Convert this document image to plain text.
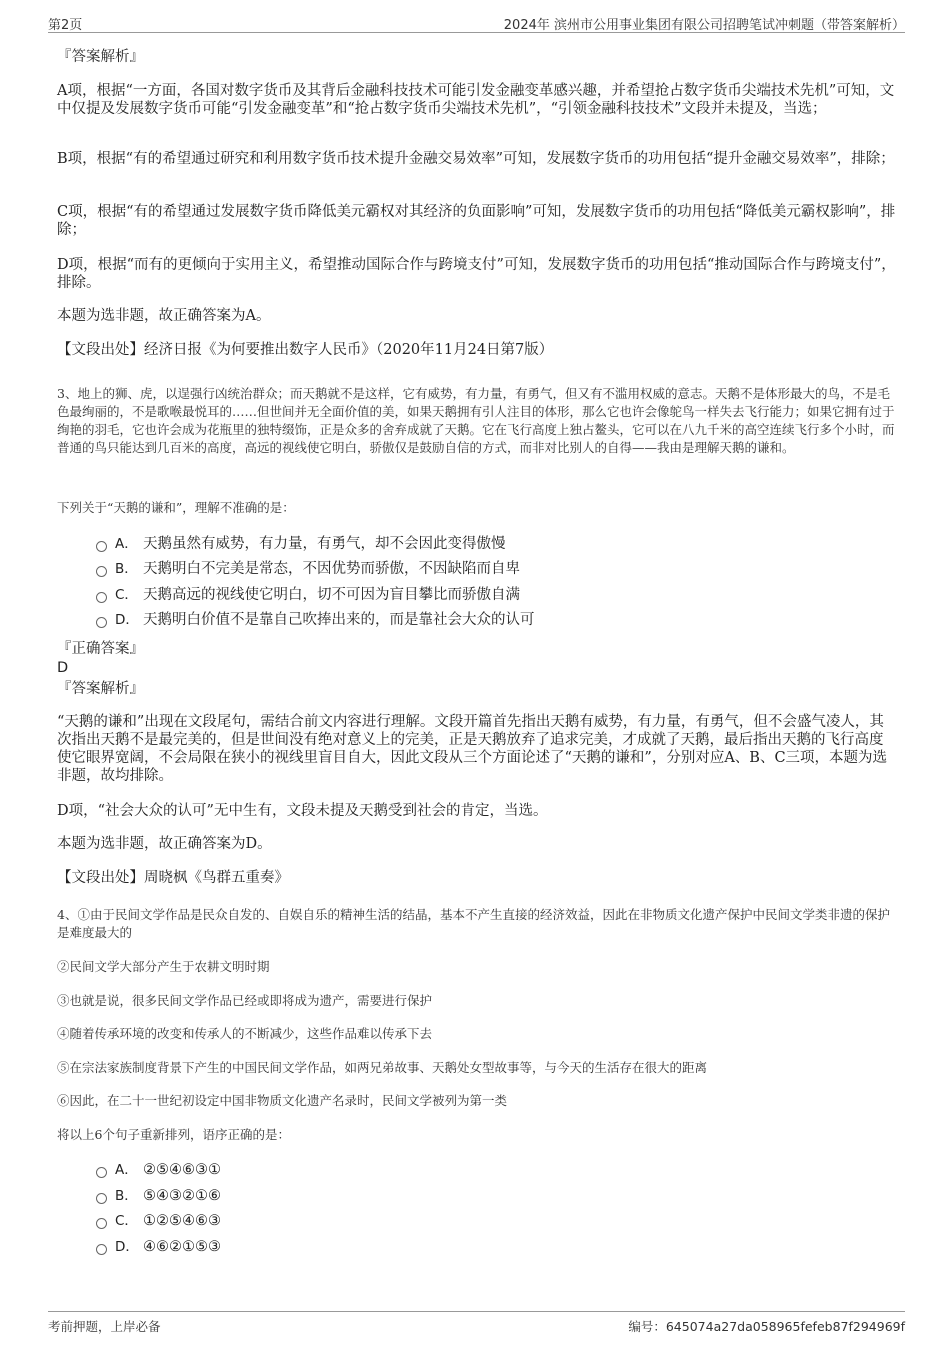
第2页	2024年 滨州市公用事业集团有限公司招聘笔试冲刺题（带答案解析）

『答案解析』

A项，根据“一方面，各国对数字货币及其背后金融科技技术可能引发金融变革感兴趣，并希望抢占数字货币尖端技术先机”可知，文中仅提及发展数字货币可能“引发金融变革”和“抢占数字货币尖端技术先机”，“引领金融科技技术”文段并未提及，当选；

B项，根据“有的希望通过研究和利用数字货币技术提升金融交易效率”可知，发展数字货币的功用包括“提升金融交易效率”，排除；

C项，根据“有的希望通过发展数字货币降低美元霸权对其经济的负面影响”可知，发展数字货币的功用包括“降低美元霸权影响”，排除；

D项，根据“而有的更倾向于实用主义，希望推动国际合作与跨境支付”可知，发展数字货币的功用包括“推动国际合作与跨境支付”，排除。

本题为选非题，故正确答案为A。

【文段出处】经济日报《为何要推出数字人民币》（2020年11月24日第7版）

3、地上的狮、虎，以逞强行凶统治群众；而天鹅就不是这样，它有威势，有力量，有勇气，但又有不滥用权威的意志。天鹅不是体形最大的鸟，不是毛色最绚丽的，不是歌喉最悦耳的……但世间并无全面价值的美，如果天鹅拥有引人注目的体形，那么它也许会像鸵鸟一样失去飞行能力；如果它拥有过于绚艳的羽毛，它也许会成为花瓶里的独特缀饰，正是众多的舍弃成就了天鹅。它在飞行高度上独占鳌头，它可以在八九千米的高空连续飞行多个小时，而普通的鸟只能达到几百米的高度，高远的视线使它明白，骄傲仅是鼓励自信的方式，而非对比别人的自得——我由是理解天鹅的谦和。

下列关于“天鹅的谦和”，理解不准确的是：

A． 天鹅虽然有威势，有力量，有勇气，却不会因此变得傲慢
B． 天鹅明白不完美是常态，不因优势而骄傲，不因缺陷而自卑
C． 天鹅高远的视线使它明白，切不可因为盲目攀比而骄傲自满
D． 天鹅明白价值不是靠自己吹捧出来的，而是靠社会大众的认可

『正确答案』

D

『答案解析』

“天鹅的谦和”出现在文段尾句，需结合前文内容进行理解。文段开篇首先指出天鹅有威势，有力量，有勇气，但不会盛气凌人，其次指出天鹅不是最完美的，但是世间没有绝对意义上的完美，正是天鹅放弃了追求完美，才成就了天鹅，最后指出天鹅的飞行高度使它眼界宽阔，不会局限在狭小的视线里盲目自大，因此文段从三个方面论述了“天鹅的谦和”，分别对应A、B、C三项，本题为选非题，故均排除。

D项，“社会大众的认可”无中生有，文段未提及天鹅受到社会的肯定，当选。

本题为选非题，故正确答案为D。

【文段出处】周晓枫《鸟群五重奏》

4、①由于民间文学作品是民众自发的、自娱自乐的精神生活的结晶，基本不产生直接的经济效益，因此在非物质文化遗产保护中民间文学类非遗的保护是难度最大的

②民间文学大部分产生于农耕文明时期

③也就是说，很多民间文学作品已经或即将成为遗产，需要进行保护

④随着传承环境的改变和传承人的不断减少，这些作品难以传承下去

⑤在宗法家族制度背景下产生的中国民间文学作品，如两兄弟故事、天鹅处女型故事等，与今天的生活存在很大的距离

⑥因此，在二十一世纪初设定中国非物质文化遗产名录时，民间文学被列为第一类

将以上6个句子重新排列，语序正确的是：

A． ②⑤④⑥③①
B． ⑤④③②①⑥
C． ①②⑤④⑥③
D． ④⑥②①⑤③
考前押题，上岸必备	编号：645074a27da058965fefeb87f294969f
